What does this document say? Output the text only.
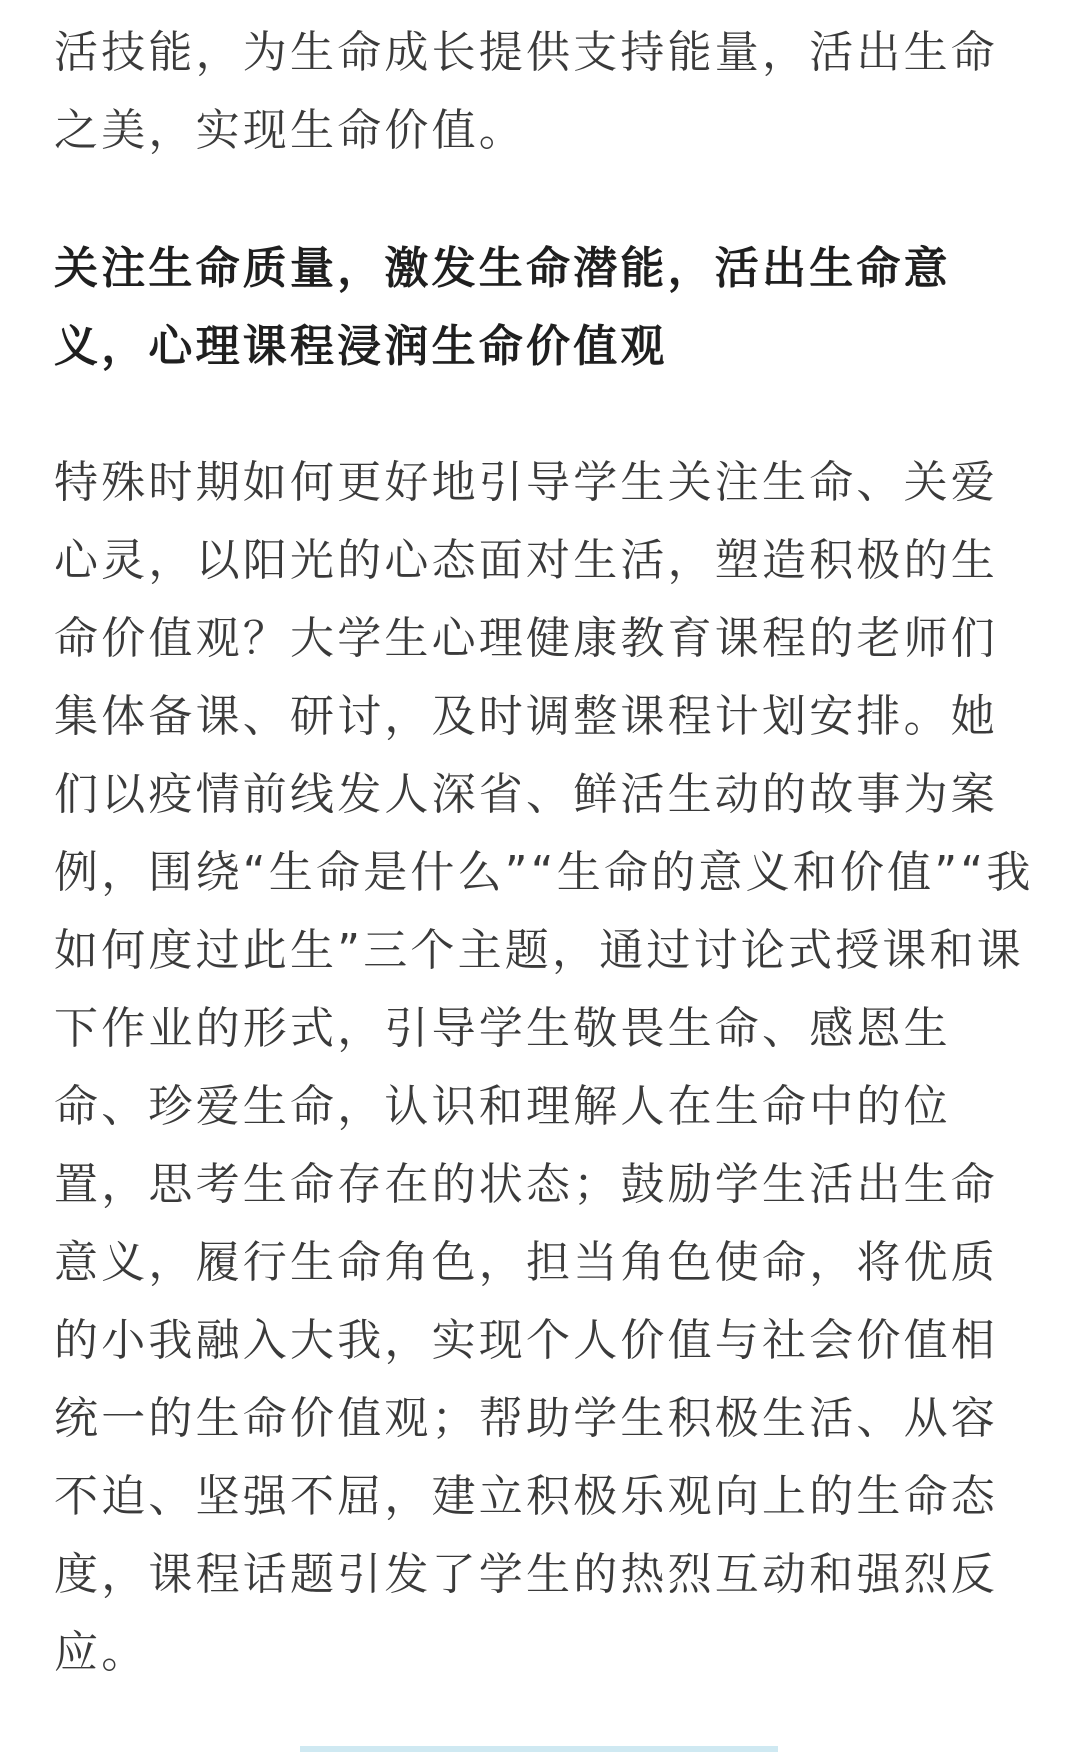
活技能，为生命成长提供支持能量，活出生命
之美，实现生命价值。

关注生命质量，激发生命潜能，活出生命意
义，心理课程浸润生命价值观

特殊时期如何更好地引导学生关注生命、关爱
心灵，以阳光的心态面对生活，塑造积极的生
命价值观？大学生心理健康教育课程的老师们
集体备课、研讨，及时调整课程计划安排。她
们以疫情前线发人深省、鲜活生动的故事为案
例，围绕“生命是什么”“生命的意义和价值”“我
如何度过此生”三个主题，通过讨论式授课和课
下作业的形式，引导学生敬畏生命、感恩生
命、珍爱生命，认识和理解人在生命中的位
置，思考生命存在的状态；鼓励学生活出生命
意义，履行生命角色，担当角色使命，将优质
的小我融入大我，实现个人价值与社会价值相
统一的生命价值观；帮助学生积极生活、从容
不迫、坚强不屈，建立积极乐观向上的生命态
度，课程话题引发了学生的热烈互动和强烈反
应。
